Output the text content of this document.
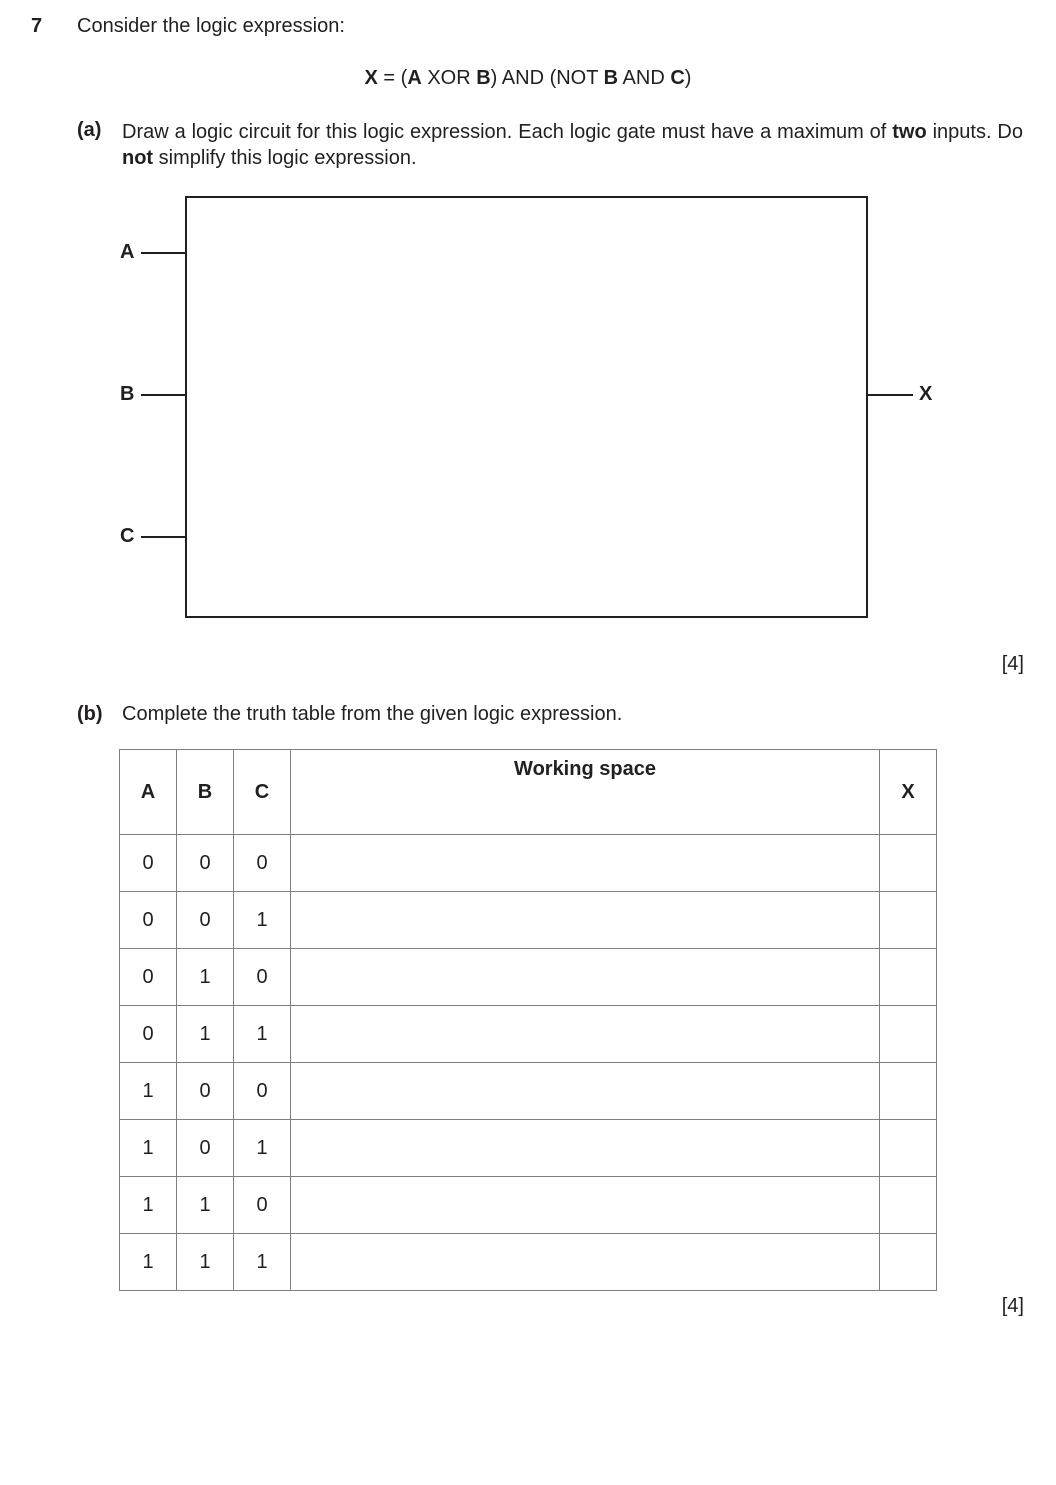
7 Consider the logic expression:
X = (A XOR B) AND (NOT B AND C)
(a) Draw a logic circuit for this logic expression. Each logic gate must have a maximum of two inputs. Do not simplify this logic expression.
A
B
C
X
[4]
(b) Complete the truth table from the given logic expression.
A	B	C	Working space	X
0	0	0		
0	0	1		
0	1	0		
0	1	1		
1	0	0		
1	0	1		
1	1	0		
1	1	1		
[4]
